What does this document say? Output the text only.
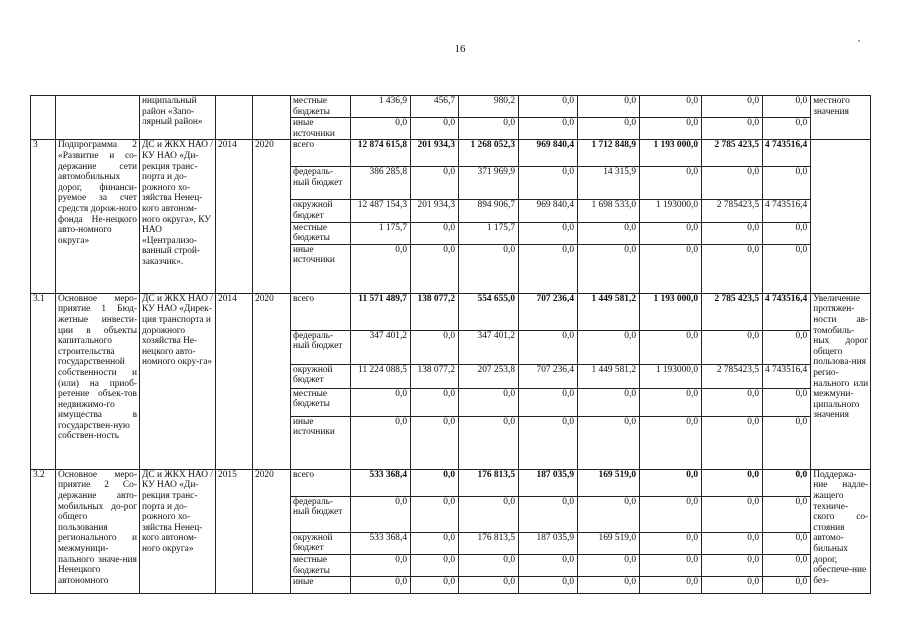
16
		ниципальный район «Запо-лярный район»			местные бюджеты	1 436,9	456,7	980,2	0,0	0,0	0,0	0,0	0,0	местного значения
					иные источники	0,0	0,0	0,0	0,0	0,0	0,0	0,0	0,0	
3	Подпрограмма 2 «Развитие и со-держание сети автомобильных дорог, финанси-руемое за счет средств дорож-ного фонда Не-нецкого авто-номного округа»	ДС и ЖКХ НАО / КУ НАО «Ди-рекция транс-порта и до-рожного хо-зяйства Ненец-кого автоном-ного округа», КУ НАО «Централизо-ванный строй-заказчик».	2014	2020	всего	12 874 615,8	201 934,3	1 268 052,3	969 840,4	1 712 848,9	1 193 000,0	2 785 423,5	4 743516,4	
					федераль-ный бюджет	386 285,8	0,0	371 969,9	0,0	14 315,9	0,0	0,0	0,0	
					окружной бюджет	12 487 154,3	201 934,3	894 906,7	969 840,4	1 698 533,0	1 193000,0	2 785423,5	4 743516,4	
					местные бюджеты	1 175,7	0,0	1 175,7	0,0	0,0	0,0	0,0	0,0	
					иные источники	0,0	0,0	0,0	0,0	0,0	0,0	0,0	0,0	
3.1	Основное меро-приятие 1 Бюд-жетные инвести-ции в объекты капитального строительства государственной собственности и (или) на приоб-ретение объек-тов недвижимо-го имущества в государствен-ную собствен-ность	ДС и ЖКХ НАО / КУ НАО «Дирек-ция транспорта и дорожного хозяйства Не-нецкого авто-номного окру-га»	2014	2020	всего	11 571 489,7	138 077,2	554 655,0	707 236,4	1 449 581,2	1 193 000,0	2 785 423,5	4 743516,4	Увеличение протяжен-ности ав-томобиль-ных дорог общего пользова-ния регио-нального или межмуни-ципального значения
					федераль-ный бюджет	347 401,2	0,0	347 401,2	0,0	0,0	0,0	0,0	0,0	
					окружной бюджет	11 224 088,5	138 077,2	207 253,8	707 236,4	1 449 581,2	1 193000,0	2 785423,5	4 743516,4	
					местные бюджеты	0,0	0,0	0,0	0,0	0,0	0,0	0,0	0,0	
					иные источники	0,0	0,0	0,0	0,0	0,0	0,0	0,0	0,0	
3.2	Основное меро-приятие 2 Со-держание авто-мобильных до-рог общего пользования регионального и межмуници-пального значе-ния Ненецкого автономного	ДС и ЖКХ НАО / КУ НАО «Ди-рекция транс-порта и до-рожного хо-зяйства Ненец-кого автоном-ного округа»	2015	2020	всего	533 368,4	0,0	176 813,5	187 035,9	169 519,0	0,0	0,0	0,0	Поддержа-ние надле-жащего техниче-ского со-стояния автомо-бильных дорог, обеспече-ние без-
					федераль-ный бюджет	0,0	0,0	0,0	0,0	0,0	0,0	0,0	0,0	
					окружной бюджет	533 368,4	0,0	176 813,5	187 035,9	169 519,0	0,0	0,0	0,0	
					местные бюджеты	0,0	0,0	0,0	0,0	0,0	0,0	0,0	0,0	
					иные	0,0	0,0	0,0	0,0	0,0	0,0	0,0	0,0	
